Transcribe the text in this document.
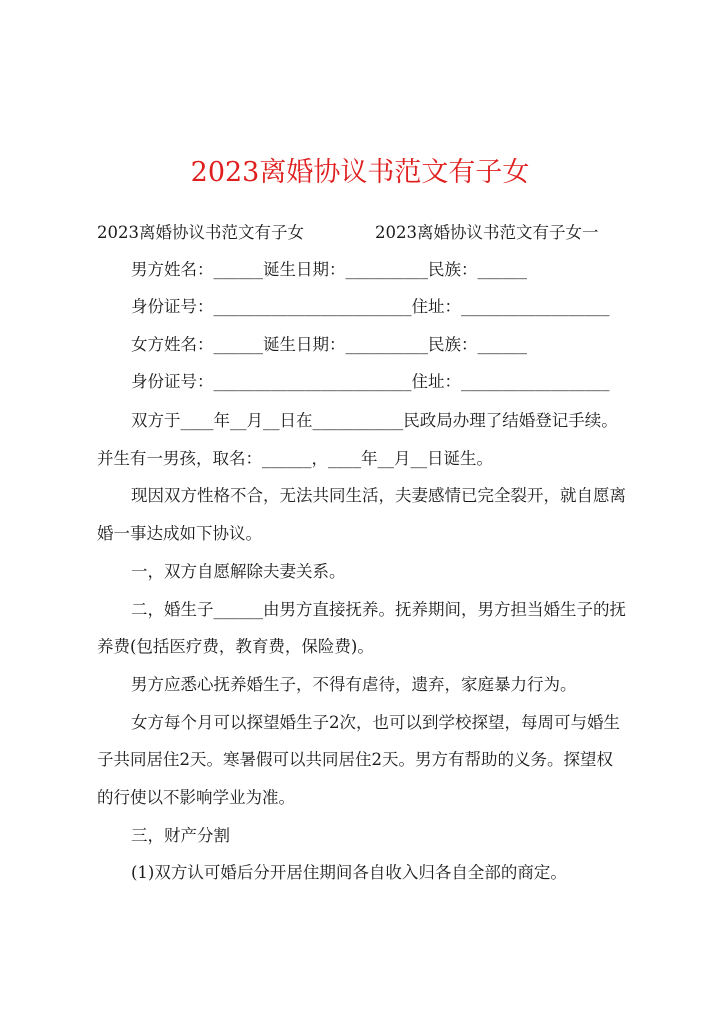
2023离婚协议书范文有子女
2023离婚协议书范文有子女	2023离婚协议书范文有子女一
男方姓名：______诞生日期：__________民族：______
身份证号：________________________住址：__________________
女方姓名：______诞生日期：__________民族：______
身份证号：________________________住址：__________________
双方于____年__月__日在___________民政局办理了结婚登记手续。
并生有一男孩，取名：______，____年__月__日诞生。
现因双方性格不合，无法共同生活，夫妻感情已完全裂开，就自愿离
婚一事达成如下协议。
一，双方自愿解除夫妻关系。
二，婚生子______由男方直接抚养。抚养期间，男方担当婚生子的抚
养费(包括医疗费，教育费，保险费)。
男方应悉心抚养婚生子，不得有虐待，遗弃，家庭暴力行为。
女方每个月可以探望婚生子2次，也可以到学校探望，每周可与婚生
子共同居住2天。寒暑假可以共同居住2天。男方有帮助的义务。探望权
的行使以不影响学业为准。
三，财产分割
(1)双方认可婚后分开居住期间各自收入归各自全部的商定。
